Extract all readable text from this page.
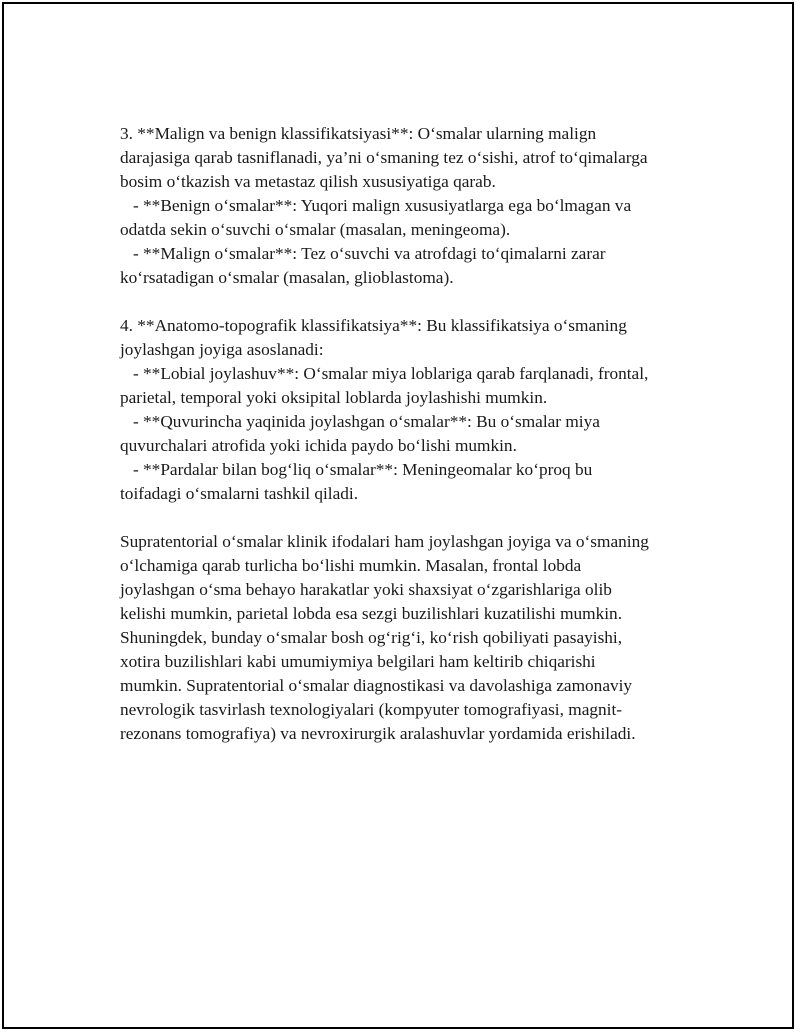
3. **Malign va benign klassifikatsiyasi**: O‘smalar ularning malign
darajasiga qarab tasniflanadi, ya’ni o‘smaning tez o‘sishi, atrof to‘qimalarga
bosim o‘tkazish va metastaz qilish xususiyatiga qarab.
- **Benign o‘smalar**: Yuqori malign xususiyatlarga ega bo‘lmagan va
odatda sekin o‘suvchi o‘smalar (masalan, meningeoma).
- **Malign o‘smalar**: Tez o‘suvchi va atrofdagi to‘qimalarni zarar
ko‘rsatadigan o‘smalar (masalan, glioblastoma).
4. **Anatomo-topografik klassifikatsiya**: Bu klassifikatsiya o‘smaning
joylashgan joyiga asoslanadi:
- **Lobial joylashuv**: O‘smalar miya loblariga qarab farqlanadi, frontal,
parietal, temporal yoki oksipital loblarda joylashishi mumkin.
- **Quvurincha yaqinida joylashgan o‘smalar**: Bu o‘smalar miya
quvurchalari atrofida yoki ichida paydo bo‘lishi mumkin.
- **Pardalar bilan bog‘liq o‘smalar**: Meningeomalar ko‘proq bu
toifadagi o‘smalarni tashkil qiladi.
Supratentorial o‘smalar klinik ifodalari ham joylashgan joyiga va o‘smaning
o‘lchamiga qarab turlicha bo‘lishi mumkin. Masalan, frontal lobda
joylashgan o‘sma behayo harakatlar yoki shaxsiyat o‘zgarishlariga olib
kelishi mumkin, parietal lobda esa sezgi buzilishlari kuzatilishi mumkin.
Shuningdek, bunday o‘smalar bosh og‘rig‘i, ko‘rish qobiliyati pasayishi,
xotira buzilishlari kabi umumiymiya belgilari ham keltirib chiqarishi
mumkin. Supratentorial o‘smalar diagnostikasi va davolashiga zamonaviy
nevrologik tasvirlash texnologiyalari (kompyuter tomografiyasi, magnit-
rezonans tomografiya) va nevroxirurgik aralashuvlar yordamida erishiladi.
